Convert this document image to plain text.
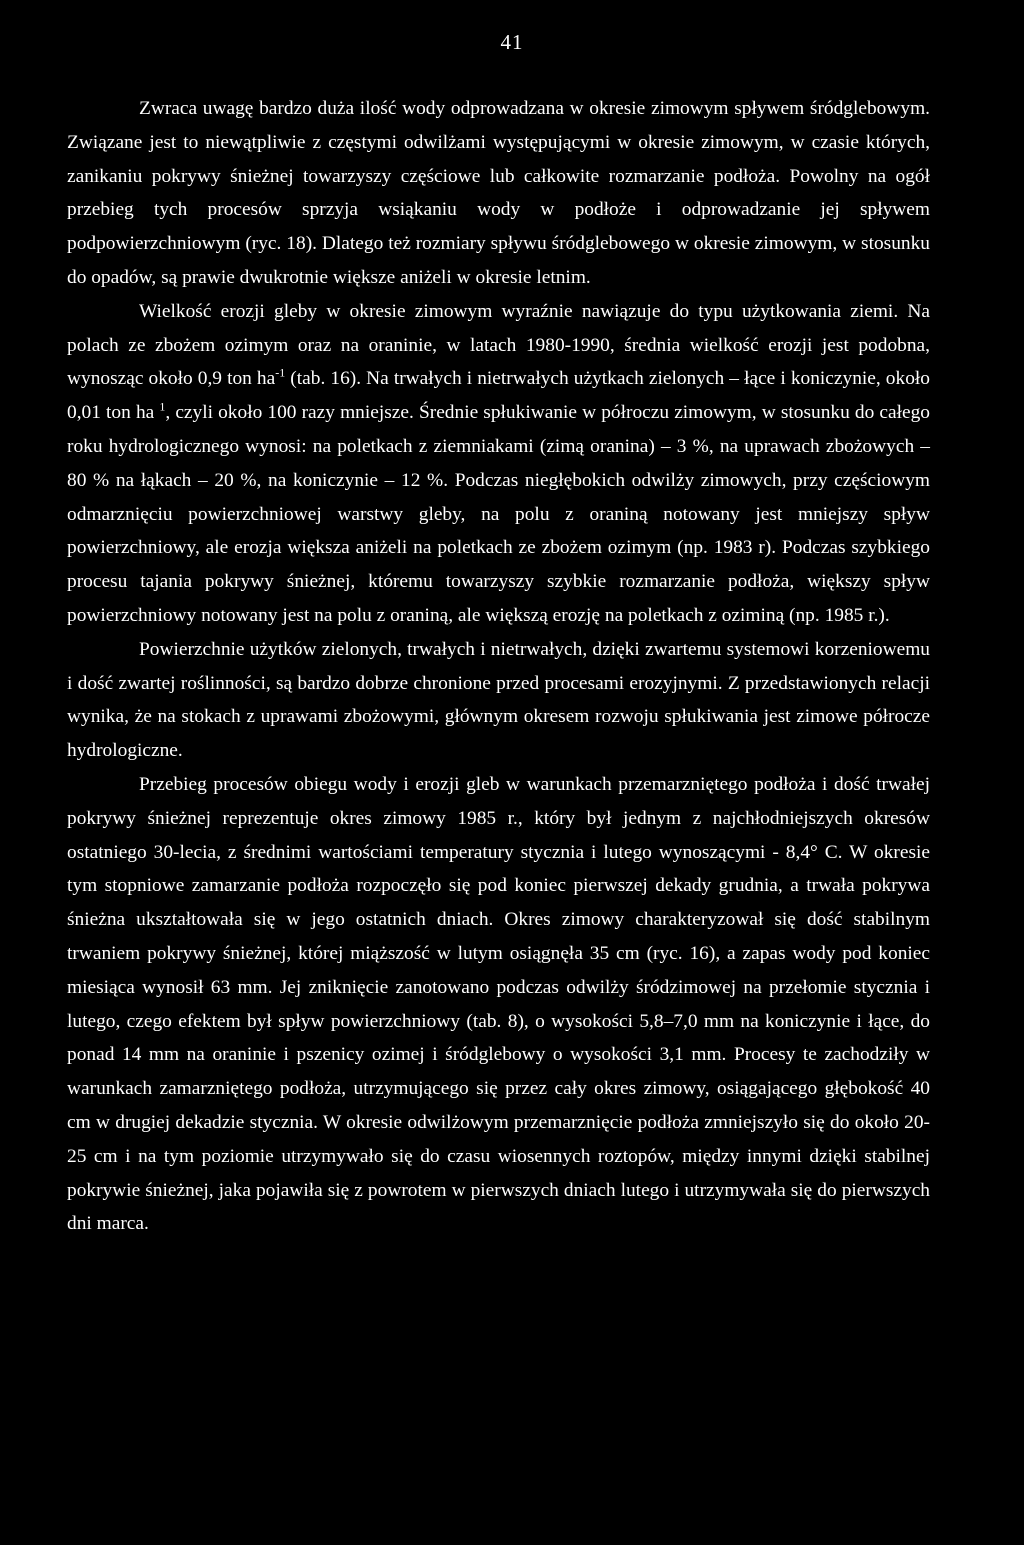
41

Zwraca uwagę bardzo duża ilość wody odprowadzana w okresie zimowym spływem śródglebowym. Związane jest to niewątpliwie z częstymi odwilżami występującymi w okresie zimowym, w czasie których, zanikaniu pokrywy śnieżnej towarzyszy częściowe lub całkowite rozmarzanie podłoża. Powolny na ogół przebieg tych procesów sprzyja wsiąkaniu wody w podłoże i odprowadzanie jej spływem podpowierzchniowym (ryc. 18). Dlatego też rozmiary spływu śródglebowego w okresie zimowym, w stosunku do opadów, są prawie dwukrotnie większe aniżeli w okresie letnim.

Wielkość erozji gleby w okresie zimowym wyraźnie nawiązuje do typu użytkowania ziemi. Na polach ze zbożem ozimym oraz na oraninie, w latach 1980-1990, średnia wielkość erozji jest podobna, wynosząc około 0,9 ton $ha^{-1}$ (tab. 16). Na trwałych i nietrwałych użytkach zielonych – łące i koniczynie, około 0,01 ton ha $^1$, czyli około 100 razy mniejsze. Średnie spłukiwanie w półroczu zimowym, w stosunku do całego roku hydrologicznego wynosi: na poletkach z ziemniakami (zimą oranina) – 3 %, na uprawach zbożowych – 80 % na łąkach – 20 %, na koniczynie – 12 %. Podczas niegłębokich odwilży zimowych, przy częściowym odmarznięciu powierzchniowej warstwy gleby, na polu z oraniną notowany jest mniejszy spływ powierzchniowy, ale erozja większa aniżeli na poletkach ze zbożem ozimym (np. 1983 r). Podczas szybkiego procesu tajania pokrywy śnieżnej, któremu towarzyszy szybkie rozmarzanie podłoża, większy spływ powierzchniowy notowany jest na polu z oraniną, ale większą erozję na poletkach z oziminą (np. 1985 r.).

Powierzchnie użytków zielonych, trwałych i nietrwałych, dzięki zwartemu systemowi korzeniowemu i dość zwartej roślinności, są bardzo dobrze chronione przed procesami erozyjnymi. Z przedstawionych relacji wynika, że na stokach z uprawami zbożowymi, głównym okresem rozwoju spłukiwania jest zimowe półrocze hydrologiczne.

Przebieg procesów obiegu wody i erozji gleb w warunkach przemarzniętego podłoża i dość trwałej pokrywy śnieżnej reprezentuje okres zimowy 1985 r., który był jednym z najchłodniejszych okresów ostatniego 30-lecia, z średnimi wartościami temperatury stycznia i lutego wynoszącymi - 8,4° C. W okresie tym stopniowe zamarzanie podłoża rozpoczęło się pod koniec pierwszej dekady grudnia, a trwała pokrywa śnieżna ukształtowała się w jego ostatnich dniach. Okres zimowy charakteryzował się dość stabilnym trwaniem pokrywy śnieżnej, której miąższość w lutym osiągnęła 35 cm (ryc. 16), a zapas wody pod koniec miesiąca wynosił 63 mm. Jej zniknięcie zanotowano podczas odwilży śródzimowej na przełomie stycznia i lutego, czego efektem był spływ powierzchniowy (tab. 8), o wysokości 5,8–7,0 mm na koniczynie i łące, do ponad 14 mm na oraninie i pszenicy ozimej i śródglebowy o wysokości 3,1 mm. Procesy te zachodziły w warunkach zamarzniętego podłoża, utrzymującego się przez cały okres zimowy, osiągającego głębokość 40 cm w drugiej dekadzie stycznia. W okresie odwilżowym przemarznięcie podłoża zmniejszyło się do około 20-25 cm i na tym poziomie utrzymywało się do czasu wiosennych roztopów, między innymi dzięki stabilnej pokrywie śnieżnej, jaka pojawiła się z powrotem w pierwszych dniach lutego i utrzymywała się do pierwszych dni marca.
